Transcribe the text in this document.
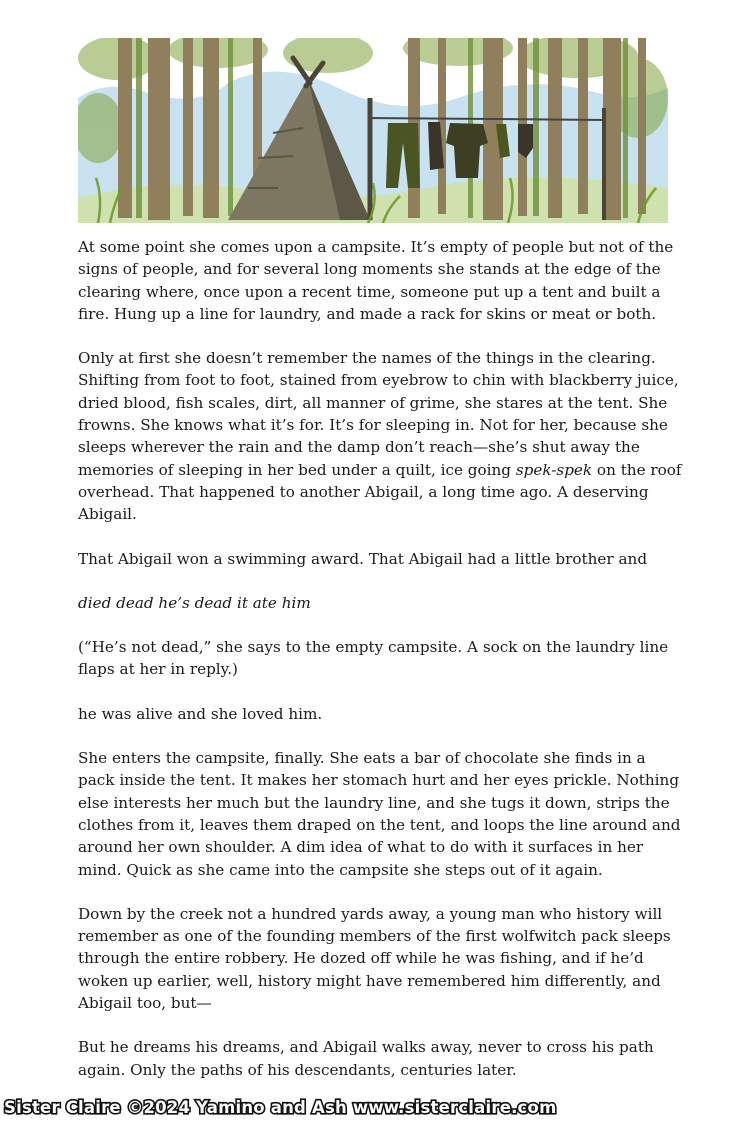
At some point she comes upon a campsite. It’s empty of people but not of the signs of people, and for several long moments she stands at the edge of the clearing where, once upon a recent time, someone put up a tent and built a fire. Hung up a line for laundry, and made a rack for skins or meat or both.

Only at first she doesn’t remember the names of the things in the clearing. Shifting from foot to foot, stained from eyebrow to chin with blackberry juice, dried blood, fish scales, dirt, all manner of grime, she stares at the tent. She frowns. She knows what it’s for. It’s for sleeping in. Not for her, because she sleeps wherever the rain and the damp don’t reach—she’s shut away the memories of sleeping in her bed under a quilt, ice going spek-spek on the roof overhead. That happened to another Abigail, a long time ago. A deserving Abigail.

That Abigail won a swimming award. That Abigail had a little brother and

died dead he’s dead it ate him

(“He’s not dead,” she says to the empty campsite. A sock on the laundry line flaps at her in reply.)

he was alive and she loved him.

She enters the campsite, finally. She eats a bar of chocolate she finds in a pack inside the tent. It makes her stomach hurt and her eyes prickle. Nothing else interests her much but the laundry line, and she tugs it down, strips the clothes from it, leaves them draped on the tent, and loops the line around and around her own shoulder. A dim idea of what to do with it surfaces in her mind. Quick as she came into the campsite she steps out of it again.

Down by the creek not a hundred yards away, a young man who history will remember as one of the founding members of the first wolfwitch pack sleeps through the entire robbery. He dozed off while he was fishing, and if he’d woken up earlier, well, history might have remembered him differently, and Abigail too, but—

But he dreams his dreams, and Abigail walks away, never to cross his path again. Only the paths of his descendants, centuries later.

Sister Claire ©2024 Yamino and Ash www.sisterclaire.com
